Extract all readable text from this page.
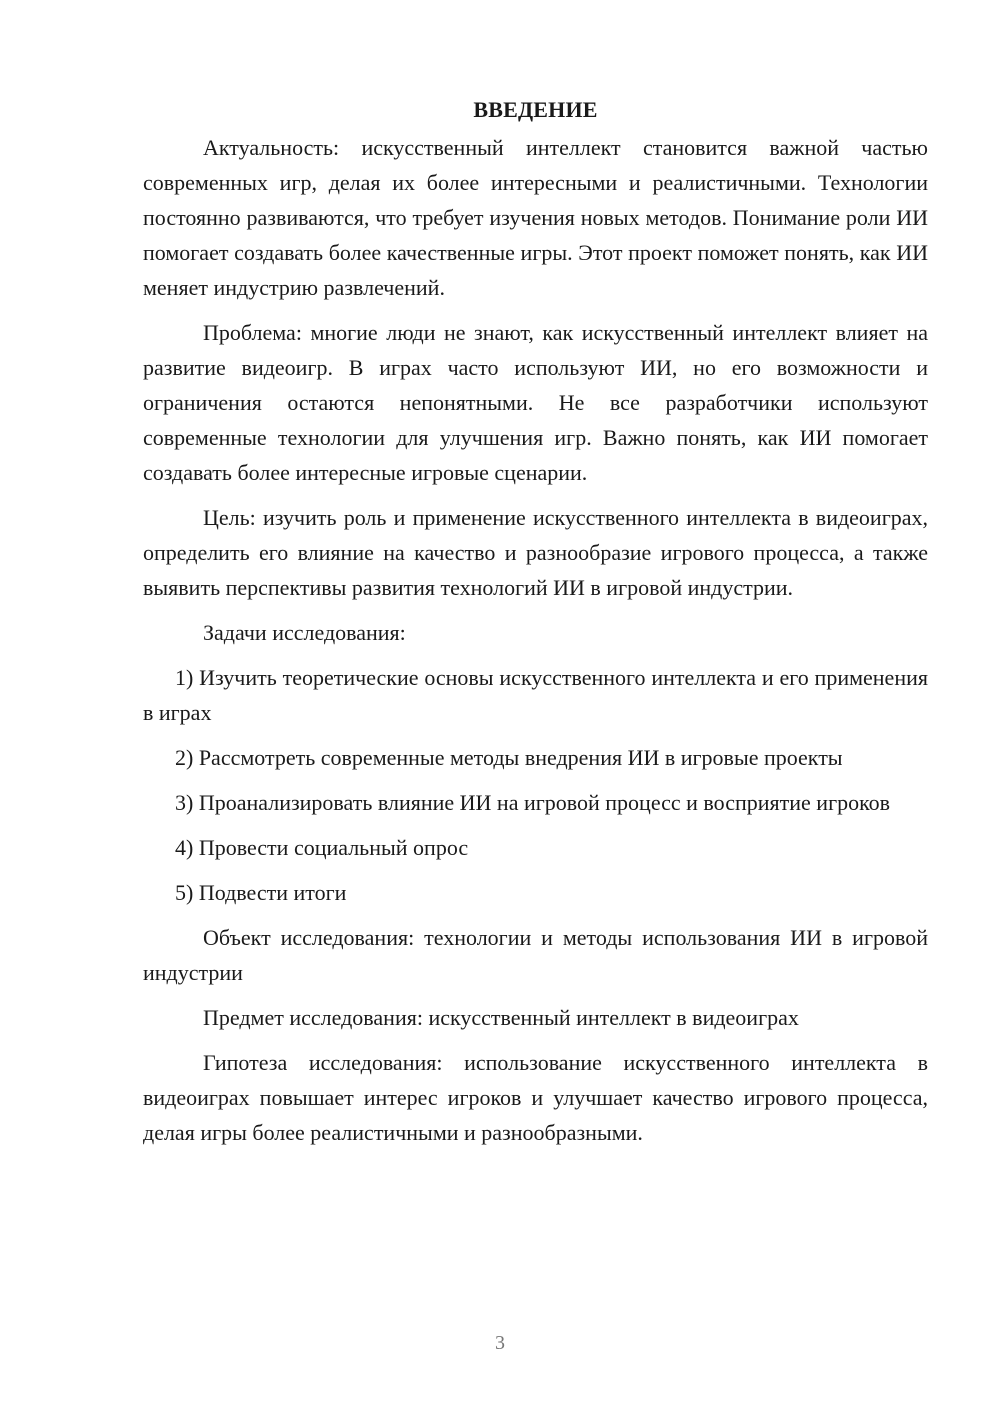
ВВЕДЕНИЕ

Актуальность: искусственный интеллект становится важной частью современных игр, делая их более интересными и реалистичными. Технологии постоянно развиваются, что требует изучения новых методов. Понимание роли ИИ помогает создавать более качественные игры. Этот проект поможет понять, как ИИ меняет индустрию развлечений.

Проблема: многие люди не знают, как искусственный интеллект влияет на развитие видеоигр. В играх часто используют ИИ, но его возможности и ограничения остаются непонятными. Не все разработчики используют современные технологии для улучшения игр. Важно понять, как ИИ помогает создавать более интересные игровые сценарии.

Цель: изучить роль и применение искусственного интеллекта в видеоиграх, определить его влияние на качество и разнообразие игрового процесса, а также выявить перспективы развития технологий ИИ в игровой индустрии.

Задачи исследования:

1) Изучить теоретические основы искусственного интеллекта и его применения в играх

2) Рассмотреть современные методы внедрения ИИ в игровые проекты

3) Проанализировать влияние ИИ на игровой процесс и восприятие игроков

4) Провести социальный опрос

5) Подвести итоги

Объект исследования: технологии и методы использования ИИ в игровой индустрии

Предмет исследования: искусственный интеллект в видеоиграх

Гипотеза исследования: использование искусственного интеллекта в видеоиграх повышает интерес игроков и улучшает качество игрового процесса, делая игры более реалистичными и разнообразными.

3
